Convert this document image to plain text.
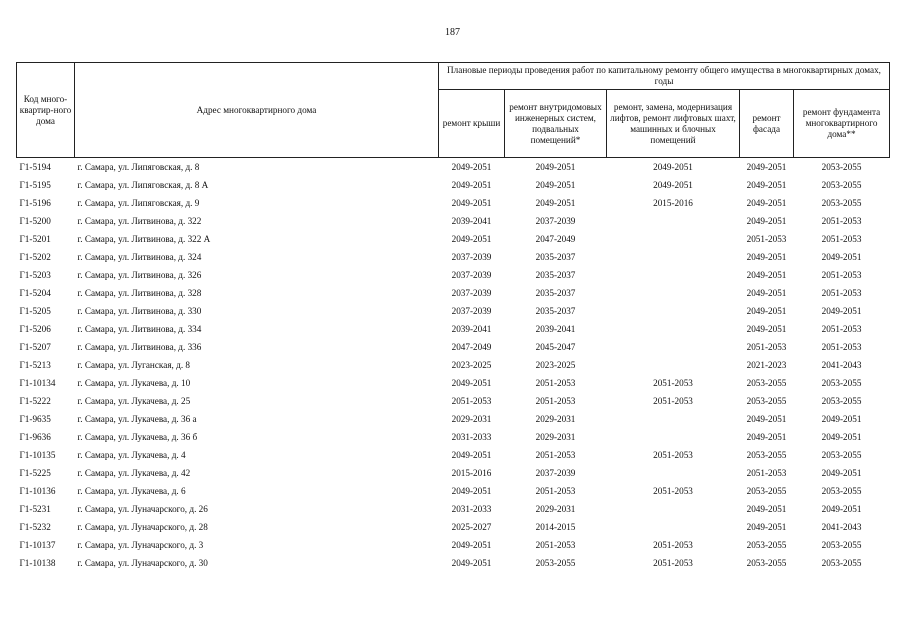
187
Код много-квартир-ного дома	Адрес многоквартирного дома	Плановые периоды проведения работ по капитальному ремонту общего имущества в многоквартирных домах, годы				
		ремонт крыши	ремонт внутридомовых инженерных систем, подвальных помещений*	ремонт, замена, модернизация лифтов, ремонт лифтовых шахт, машинных и блочных помещений	ремонт фасада	ремонт фундамента многоквартирного дома**
Г1-5194	г. Самара, ул. Липяговская, д. 8	2049-2051	2049-2051	2049-2051	2049-2051	2053-2055
Г1-5195	г. Самара, ул. Липяговская, д. 8 А	2049-2051	2049-2051	2049-2051	2049-2051	2053-2055
Г1-5196	г. Самара, ул. Липяговская, д. 9	2049-2051	2049-2051	2015-2016	2049-2051	2053-2055
Г1-5200	г. Самара, ул. Литвинова, д. 322	2039-2041	2037-2039		2049-2051	2051-2053
Г1-5201	г. Самара, ул. Литвинова, д. 322 А	2049-2051	2047-2049		2051-2053	2051-2053
Г1-5202	г. Самара, ул. Литвинова, д. 324	2037-2039	2035-2037		2049-2051	2049-2051
Г1-5203	г. Самара, ул. Литвинова, д. 326	2037-2039	2035-2037		2049-2051	2051-2053
Г1-5204	г. Самара, ул. Литвинова, д. 328	2037-2039	2035-2037		2049-2051	2051-2053
Г1-5205	г. Самара, ул. Литвинова, д. 330	2037-2039	2035-2037		2049-2051	2049-2051
Г1-5206	г. Самара, ул. Литвинова, д. 334	2039-2041	2039-2041		2049-2051	2051-2053
Г1-5207	г. Самара, ул. Литвинова, д. 336	2047-2049	2045-2047		2051-2053	2051-2053
Г1-5213	г. Самара, ул. Луганская, д. 8	2023-2025	2023-2025		2021-2023	2041-2043
Г1-10134	г. Самара, ул. Лукачева, д. 10	2049-2051	2051-2053	2051-2053	2053-2055	2053-2055
Г1-5222	г. Самара, ул. Лукачева, д. 25	2051-2053	2051-2053	2051-2053	2053-2055	2053-2055
Г1-9635	г. Самара, ул. Лукачева, д. 36 а	2029-2031	2029-2031		2049-2051	2049-2051
Г1-9636	г. Самара, ул. Лукачева, д. 36 б	2031-2033	2029-2031		2049-2051	2049-2051
Г1-10135	г. Самара, ул. Лукачева, д. 4	2049-2051	2051-2053	2051-2053	2053-2055	2053-2055
Г1-5225	г. Самара, ул. Лукачева, д. 42	2015-2016	2037-2039		2051-2053	2049-2051
Г1-10136	г. Самара, ул. Лукачева, д. 6	2049-2051	2051-2053	2051-2053	2053-2055	2053-2055
Г1-5231	г. Самара, ул. Луначарского, д. 26	2031-2033	2029-2031		2049-2051	2049-2051
Г1-5232	г. Самара, ул. Луначарского, д. 28	2025-2027	2014-2015		2049-2051	2041-2043
Г1-10137	г. Самара, ул. Луначарского, д. 3	2049-2051	2051-2053	2051-2053	2053-2055	2053-2055
Г1-10138	г. Самара, ул. Луначарского, д. 30	2049-2051	2053-2055	2051-2053	2053-2055	2053-2055
